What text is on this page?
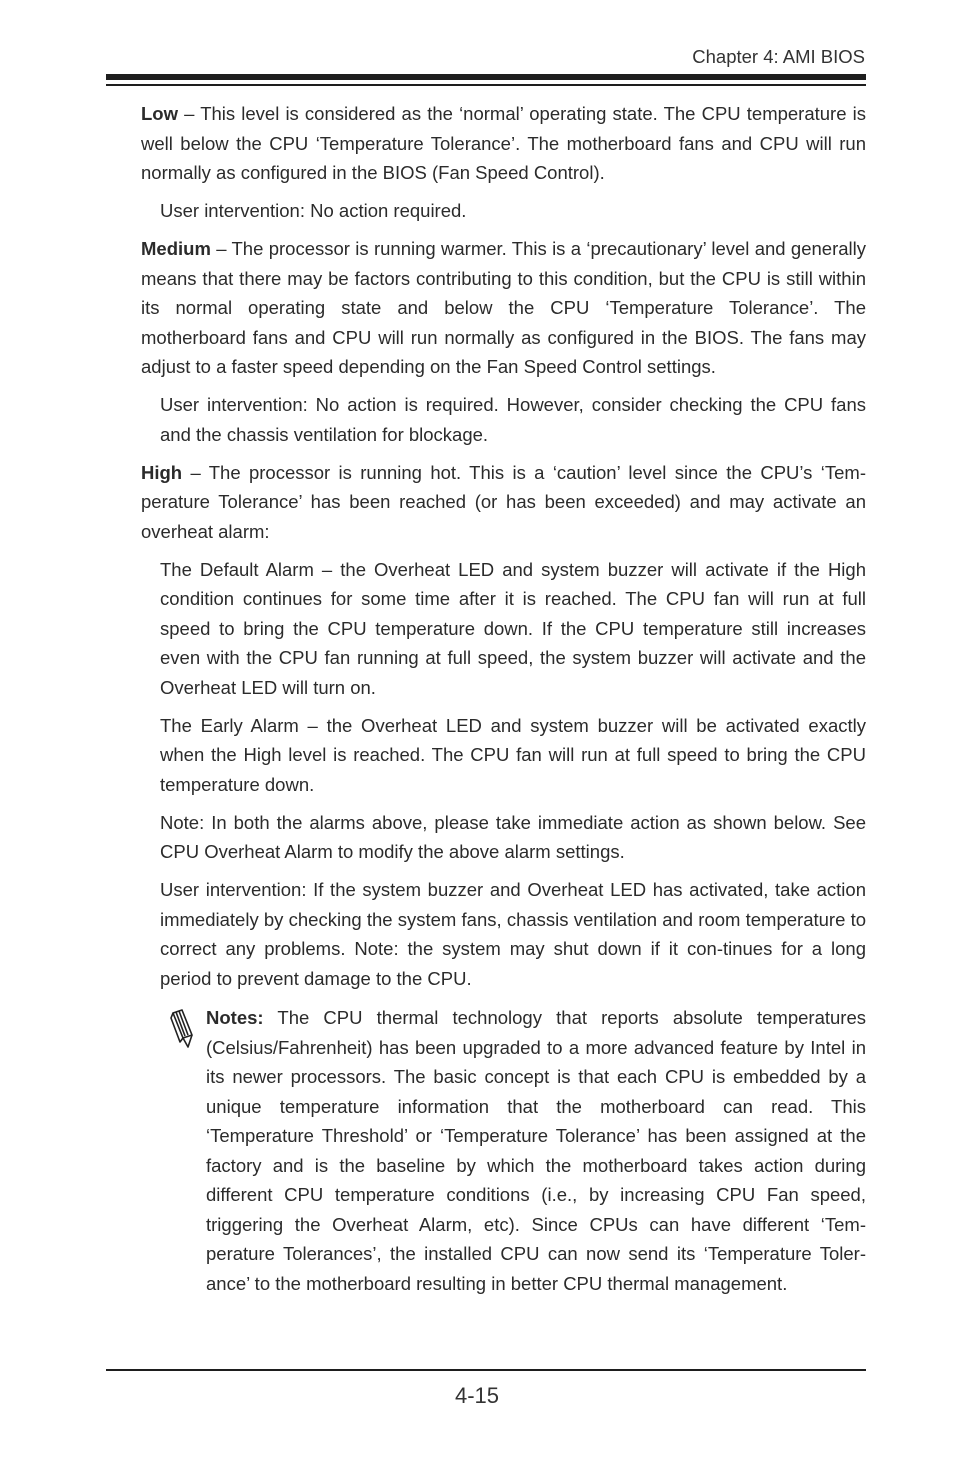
Chapter 4: AMI BIOS

Low – This level is considered as the ‘normal’ operating state. The CPU temperature is well below the CPU ‘Temperature Tolerance’. The motherboard fans and CPU will run normally as configured in the BIOS (Fan Speed Control).

User intervention: No action required.

Medium – The processor is running warmer. This is a ‘precautionary’ level and generally means that there may be factors contributing to this condition, but the CPU is still within its normal operating state and below the CPU ‘Temperature Tolerance’. The motherboard fans and CPU will run normally as configured in the BIOS. The fans may adjust to a faster speed depending on the Fan Speed Control settings.

User intervention: No action is required. However, consider checking the CPU fans and the chassis ventilation for blockage.

High – The processor is running hot. This is a ‘caution’ level since the CPU’s ‘Tem-perature Tolerance’ has been reached (or has been exceeded) and may activate an overheat alarm:

The Default Alarm – the Overheat LED and system buzzer will activate if the High condition continues for some time after it is reached. The CPU fan will run at full speed to bring the CPU temperature down. If the CPU temperature still increases even with the CPU fan running at full speed, the system buzzer will activate and the Overheat LED will turn on.

The Early Alarm – the Overheat LED and system buzzer will be activated exactly when the High level is reached. The CPU fan will run at full speed to bring the CPU temperature down.

Note: In both the alarms above, please take immediate action as shown below. See CPU Overheat Alarm to modify the above alarm settings.

User intervention: If the system buzzer and Overheat LED has activated, take action immediately by checking the system fans, chassis ventilation and room temperature to correct any problems. Note: the system may shut down if it con-tinues for a long period to prevent damage to the CPU.

Notes: The CPU thermal technology that reports absolute temperatures (Celsius/Fahrenheit) has been upgraded to a more advanced feature by Intel in its newer processors. The basic concept is that each CPU is embedded by a unique temperature information that the motherboard can read. This ‘Temperature Threshold’ or ‘Temperature Tolerance’ has been assigned at the factory and is the baseline by which the motherboard takes action during different CPU temperature conditions (i.e., by increasing CPU Fan speed, triggering the Overheat Alarm, etc). Since CPUs can have different ‘Tem-perature Tolerances’, the installed CPU can now send its ‘Temperature Toler-ance’ to the motherboard resulting in better CPU thermal management.
4-15
